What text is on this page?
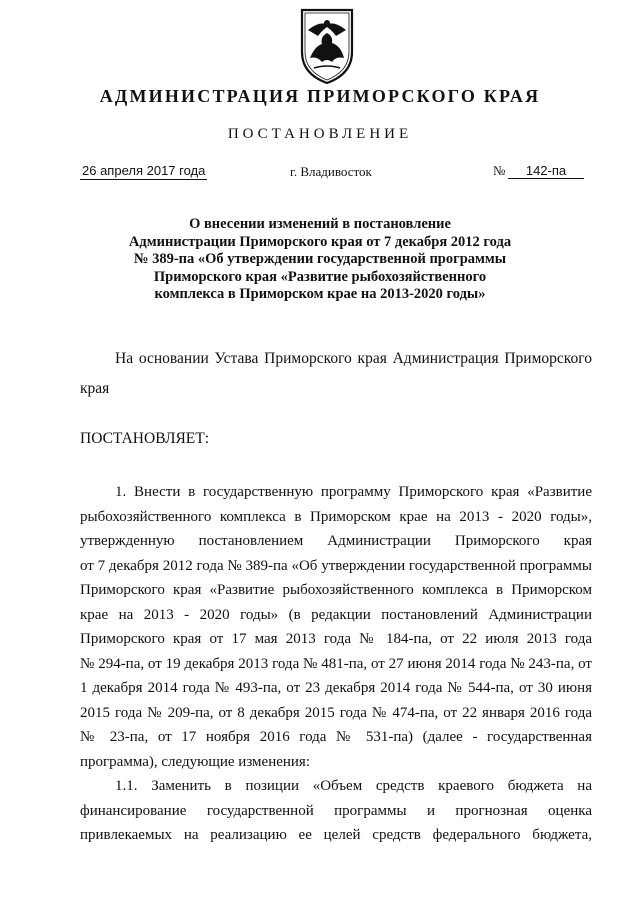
АДМИНИСТРАЦИЯ ПРИМОРСКОГО КРАЯ
ПОСТАНОВЛЕНИЕ
26 апреля 2017 года	г. Владивосток	№	142-па
О внесении изменений в постановление
Администрации Приморского края от 7 декабря 2012 года
№ 389-па «Об утверждении государственной программы
Приморского края «Развитие рыбохозяйственного
комплекса в Приморском крае на 2013-2020 годы»
На основании Устава Приморского края Администрация Приморского
края
ПОСТАНОВЛЯЕТ:
1. Внести в государственную программу Приморского края «Развитие
рыбохозяйственного комплекса в Приморском крае на 2013 - 2020 годы»,
утвержденную постановлением Администрации Приморского края
от 7 декабря 2012 года № 389-па «Об утверждении государственной программы
Приморского края «Развитие рыбохозяйственного комплекса в Приморском
крае на 2013 - 2020 годы» (в редакции постановлений Администрации
Приморского края от 17 мая 2013 года № 184-па, от 22 июля 2013 года
№ 294-па, от 19 декабря 2013 года № 481-па, от 27 июня 2014 года № 243-па, от
1 декабря 2014 года № 493-па, от 23 декабря 2014 года № 544-па, от 30 июня
2015 года № 209-па, от 8 декабря 2015 года № 474-па, от 22 января 2016 года
№ 23-па, от 17 ноября 2016 года № 531-па) (далее - государственная
программа), следующие изменения:
1.1. Заменить в позиции «Объем средств краевого бюджета на
финансирование государственной программы и прогнозная оценка
привлекаемых на реализацию ее целей средств федерального бюджета,
